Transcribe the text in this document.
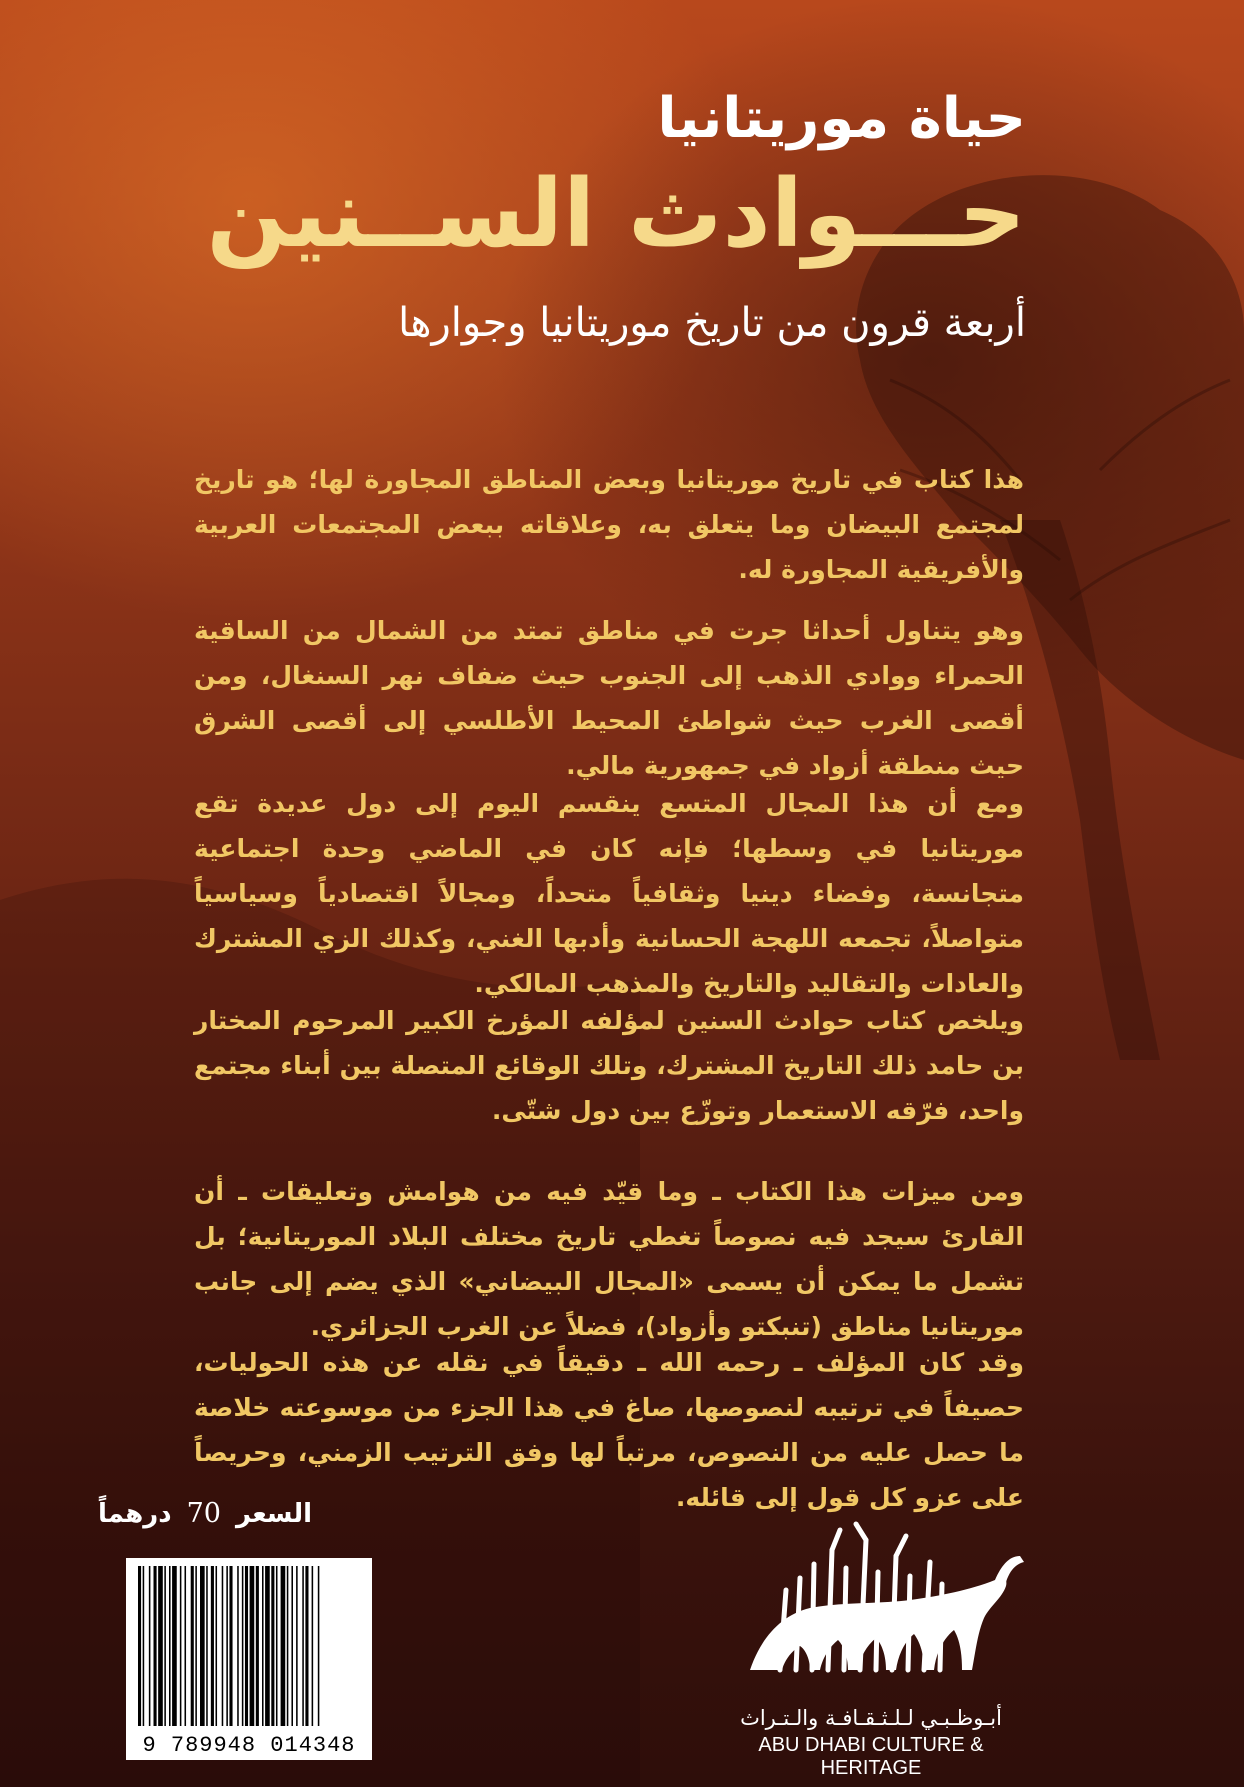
حياة موريتانيا
حـــوادث الســنين
أربعة قرون من تاريخ موريتانيا وجوارها

هذا كتاب في تاريخ موريتانيا وبعض المناطق المجاورة لها؛ هو تاريخ لمجتمع البيضان وما يتعلق به، وعلاقاته ببعض المجتمعات العربية والأفريقية المجاورة له.

وهو يتناول أحداثا جرت في مناطق تمتد من الشمال من الساقية الحمراء ووادي الذهب إلى الجنوب حيث ضفاف نهر السنغال، ومن أقصى الغرب حيث شواطئ المحيط الأطلسي إلى أقصى الشرق حيث منطقة أزواد في جمهورية مالي.

ومع أن هذا المجال المتسع ينقسم اليوم إلى دول عديدة تقع موريتانيا في وسطها؛ فإنه كان في الماضي وحدة اجتماعية متجانسة، وفضاء دينيا وثقافياً متحداً، ومجالاً اقتصادياً وسياسياً متواصلاً، تجمعه اللهجة الحسانية وأدبها الغني، وكذلك الزي المشترك والعادات والتقاليد والتاريخ والمذهب المالكي.

ويلخص كتاب حوادث السنين لمؤلفه المؤرخ الكبير المرحوم المختار بن حامد ذلك التاريخ المشترك، وتلك الوقائع المتصلة بين أبناء مجتمع واحد، فرّقه الاستعمار وتوزّع بين دول شتّى.

ومن ميزات هذا الكتاب ـ وما قيّد فيه من هوامش وتعليقات ـ أن القارئ سيجد فيه نصوصاً تغطي تاريخ مختلف البلاد الموريتانية؛ بل تشمل ما يمكن أن يسمى «المجال البيضاني» الذي يضم إلى جانب موريتانيا مناطق (تنبكتو وأزواد)، فضلاً عن الغرب الجزائري.

وقد كان المؤلف ـ رحمه الله ـ دقيقاً في نقله عن هذه الحوليات، حصيفاً في ترتيبه لنصوصها، صاغ في هذا الجزء من موسوعته خلاصة ما حصل عليه من النصوص، مرتباً لها وفق الترتيب الزمني، وحريصاً على عزو كل قول إلى قائله.

السعر 70 درهماً
9 789948 014348
أبـوظـبـي لـلـثـقـافـة والـتـراث
ABU DHABI CULTURE & HERITAGE
